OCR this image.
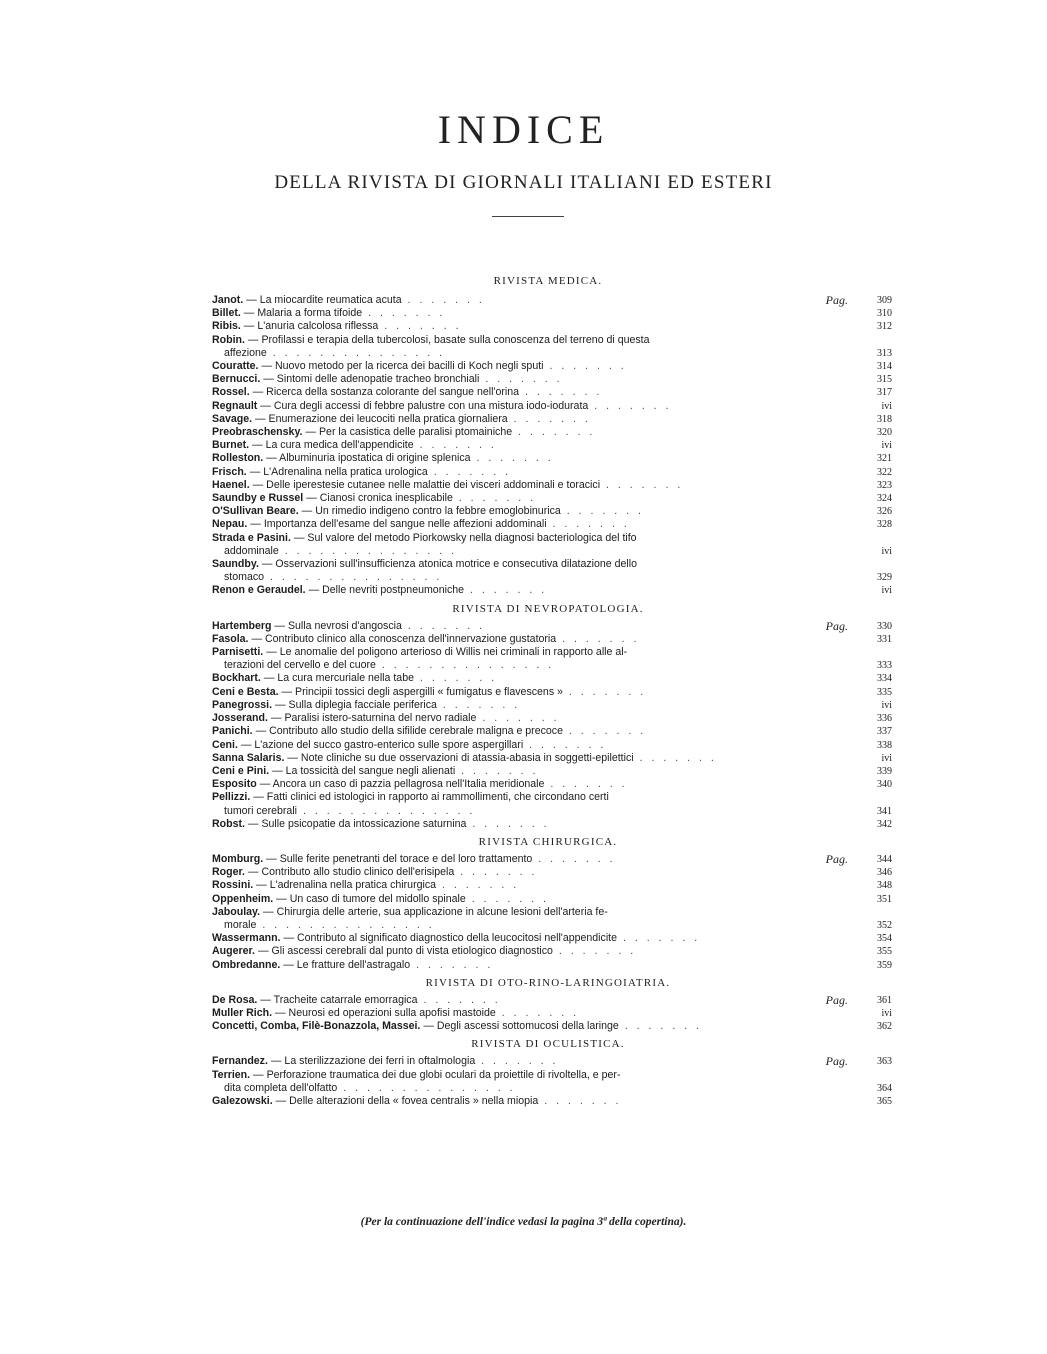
INDICE
DELLA RIVISTA DI GIORNALI ITALIANI ED ESTERI
RIVISTA MEDICA.
Janot. — La miocardite reumatica acuta . . . . . . .	Pag.	309
Billet. — Malaria a forma tifoide . . . . . . .	310
Ribis. — L'anuria calcolosa riflessa . . . . . . .	312
Robin. — Profilassi e terapia della tubercolosi, basate sulla conoscenza del terreno di questa
affezione . . . . . . . . . . . . . . .	313
Couratte. — Nuovo metodo per la ricerca dei bacilli di Koch negli sputi . . . . . . .	314
Bernucci. — Sintomi delle adenopatie tracheo bronchiali . . . . . . .	315
Rossel. — Ricerca della sostanza colorante del sangue nell'orina . . . . . . .	317
Regnault — Cura degli accessi di febbre palustre con una mistura iodo-iodurata . . . . . . .	ivi
Savage. — Enumerazione dei leucociti nella pratica giornaliera . . . . . . .	318
Preobraschensky. — Per la casistica delle paralisi ptomainiche . . . . . . .	320
Burnet. — La cura medica dell'appendicite . . . . . . .	ivi
Rolleston. — Albuminuria ipostatica di origine splenica . . . . . . .	321
Frisch. — L'Adrenalina nella pratica urologica . . . . . . .	322
Haenel. — Delle iperestesie cutanee nelle malattie dei visceri addominali e toracici . . . . . . .	323
Saundby e Russel — Cianosi cronica inesplicabile . . . . . . .	324
O'Sullivan Beare. — Un rimedio indigeno contro la febbre emoglobinurica . . . . . . .	326
Nepau. — Importanza dell'esame del sangue nelle affezioni addominali . . . . . . .	328
Strada e Pasini. — Sul valore del metodo Piorkowsky nella diagnosi bacteriologica del tifo
addominale . . . . . . . . . . . . . . .	ivi
Saundby. — Osservazioni sull'insufficienza atonica motrice e consecutiva dilatazione dello
stomaco . . . . . . . . . . . . . . .	329
Renon e Geraudel. — Delle nevriti postpneumoniche . . . . . . .	ivi
RIVISTA DI NEVROPATOLOGIA.
Hartemberg — Sulla nevrosi d'angoscia . . . . . . .	Pag.	330
Fasola. — Contributo clinico alla conoscenza dell'innervazione gustatoria . . . . . . .	331
Parnisetti. — Le anomalie del poligono arterioso di Willis nei criminali in rapporto alle al-
terazioni del cervello e del cuore . . . . . . . . . . . . . . .	333
Bockhart. — La cura mercuriale nella tabe . . . . . . .	334
Ceni e Besta. — Principii tossici degli aspergilli « fumigatus e flavescens » . . . . . . .	335
Panegrossi. — Sulla diplegia facciale periferica . . . . . . .	ivi
Josserand. — Paralisi istero-saturnina del nervo radiale . . . . . . .	336
Panichi. — Contributo allo studio della sifilide cerebrale maligna e precoce . . . . . . .	337
Ceni. — L'azione del succo gastro-enterico sulle spore aspergillari . . . . . . .	338
Sanna Salaris. — Note cliniche su due osservazioni di atassia-abasia in soggetti-epilettici . . . . . . .	ivi
Ceni e Pini. — La tossicità del sangue negli alienati . . . . . . .	339
Esposito — Ancora un caso di pazzia pellagrosa nell'Italia meridionale . . . . . . .	340
Pellizzi. — Fatti clinici ed istologici in rapporto ai rammollimenti, che circondano certi
tumori cerebrali . . . . . . . . . . . . . . .	341
Robst. — Sulle psicopatie da intossicazione saturnina . . . . . . .	342
RIVISTA CHIRURGICA.
Momburg. — Sulle ferite penetranti del torace e del loro trattamento . . . . . . .	Pag.	344
Roger. — Contributo allo studio clinico dell'erisipela . . . . . . .	346
Rossini. — L'adrenalina nella pratica chirurgica . . . . . . .	348
Oppenheim. — Un caso di tumore del midollo spinale . . . . . . .	351
Jaboulay. — Chirurgia delle arterie, sua applicazione in alcune lesioni dell'arteria fe-
morale . . . . . . . . . . . . . . .	352
Wassermann. — Contributo al significato diagnostico della leucocitosi nell'appendicite . . . . . . .	354
Augerer. — Gli ascessi cerebrali dal punto di vista etiologico diagnostico . . . . . . .	355
Ombredanne. — Le fratture dell'astragalo . . . . . . .	359
RIVISTA DI OTO-RINO-LARINGOIATRIA.
De Rosa. — Tracheite catarrale emorragica . . . . . . .	Pag.	361
Muller Rich. — Neurosi ed operazioni sulla apofisi mastoide . . . . . . .	ivi
Concetti, Comba, Filè-Bonazzola, Massei. — Degli ascessi sottomucosi della laringe . . . . . . .	362
RIVISTA DI OCULISTICA.
Fernandez. — La sterilizzazione dei ferri in oftalmologia . . . . . . .	Pag.	363
Terrien. — Perforazione traumatica dei due globi oculari da proiettile di rivoltella, e per-
dita completa dell'olfatto . . . . . . . . . . . . . . .	364
Galezowski. — Delle alterazioni della « fovea centralis » nella miopia . . . . . . .	365
(Per la continuazione dell'indice vedasi la pagina 3ª della copertina).
